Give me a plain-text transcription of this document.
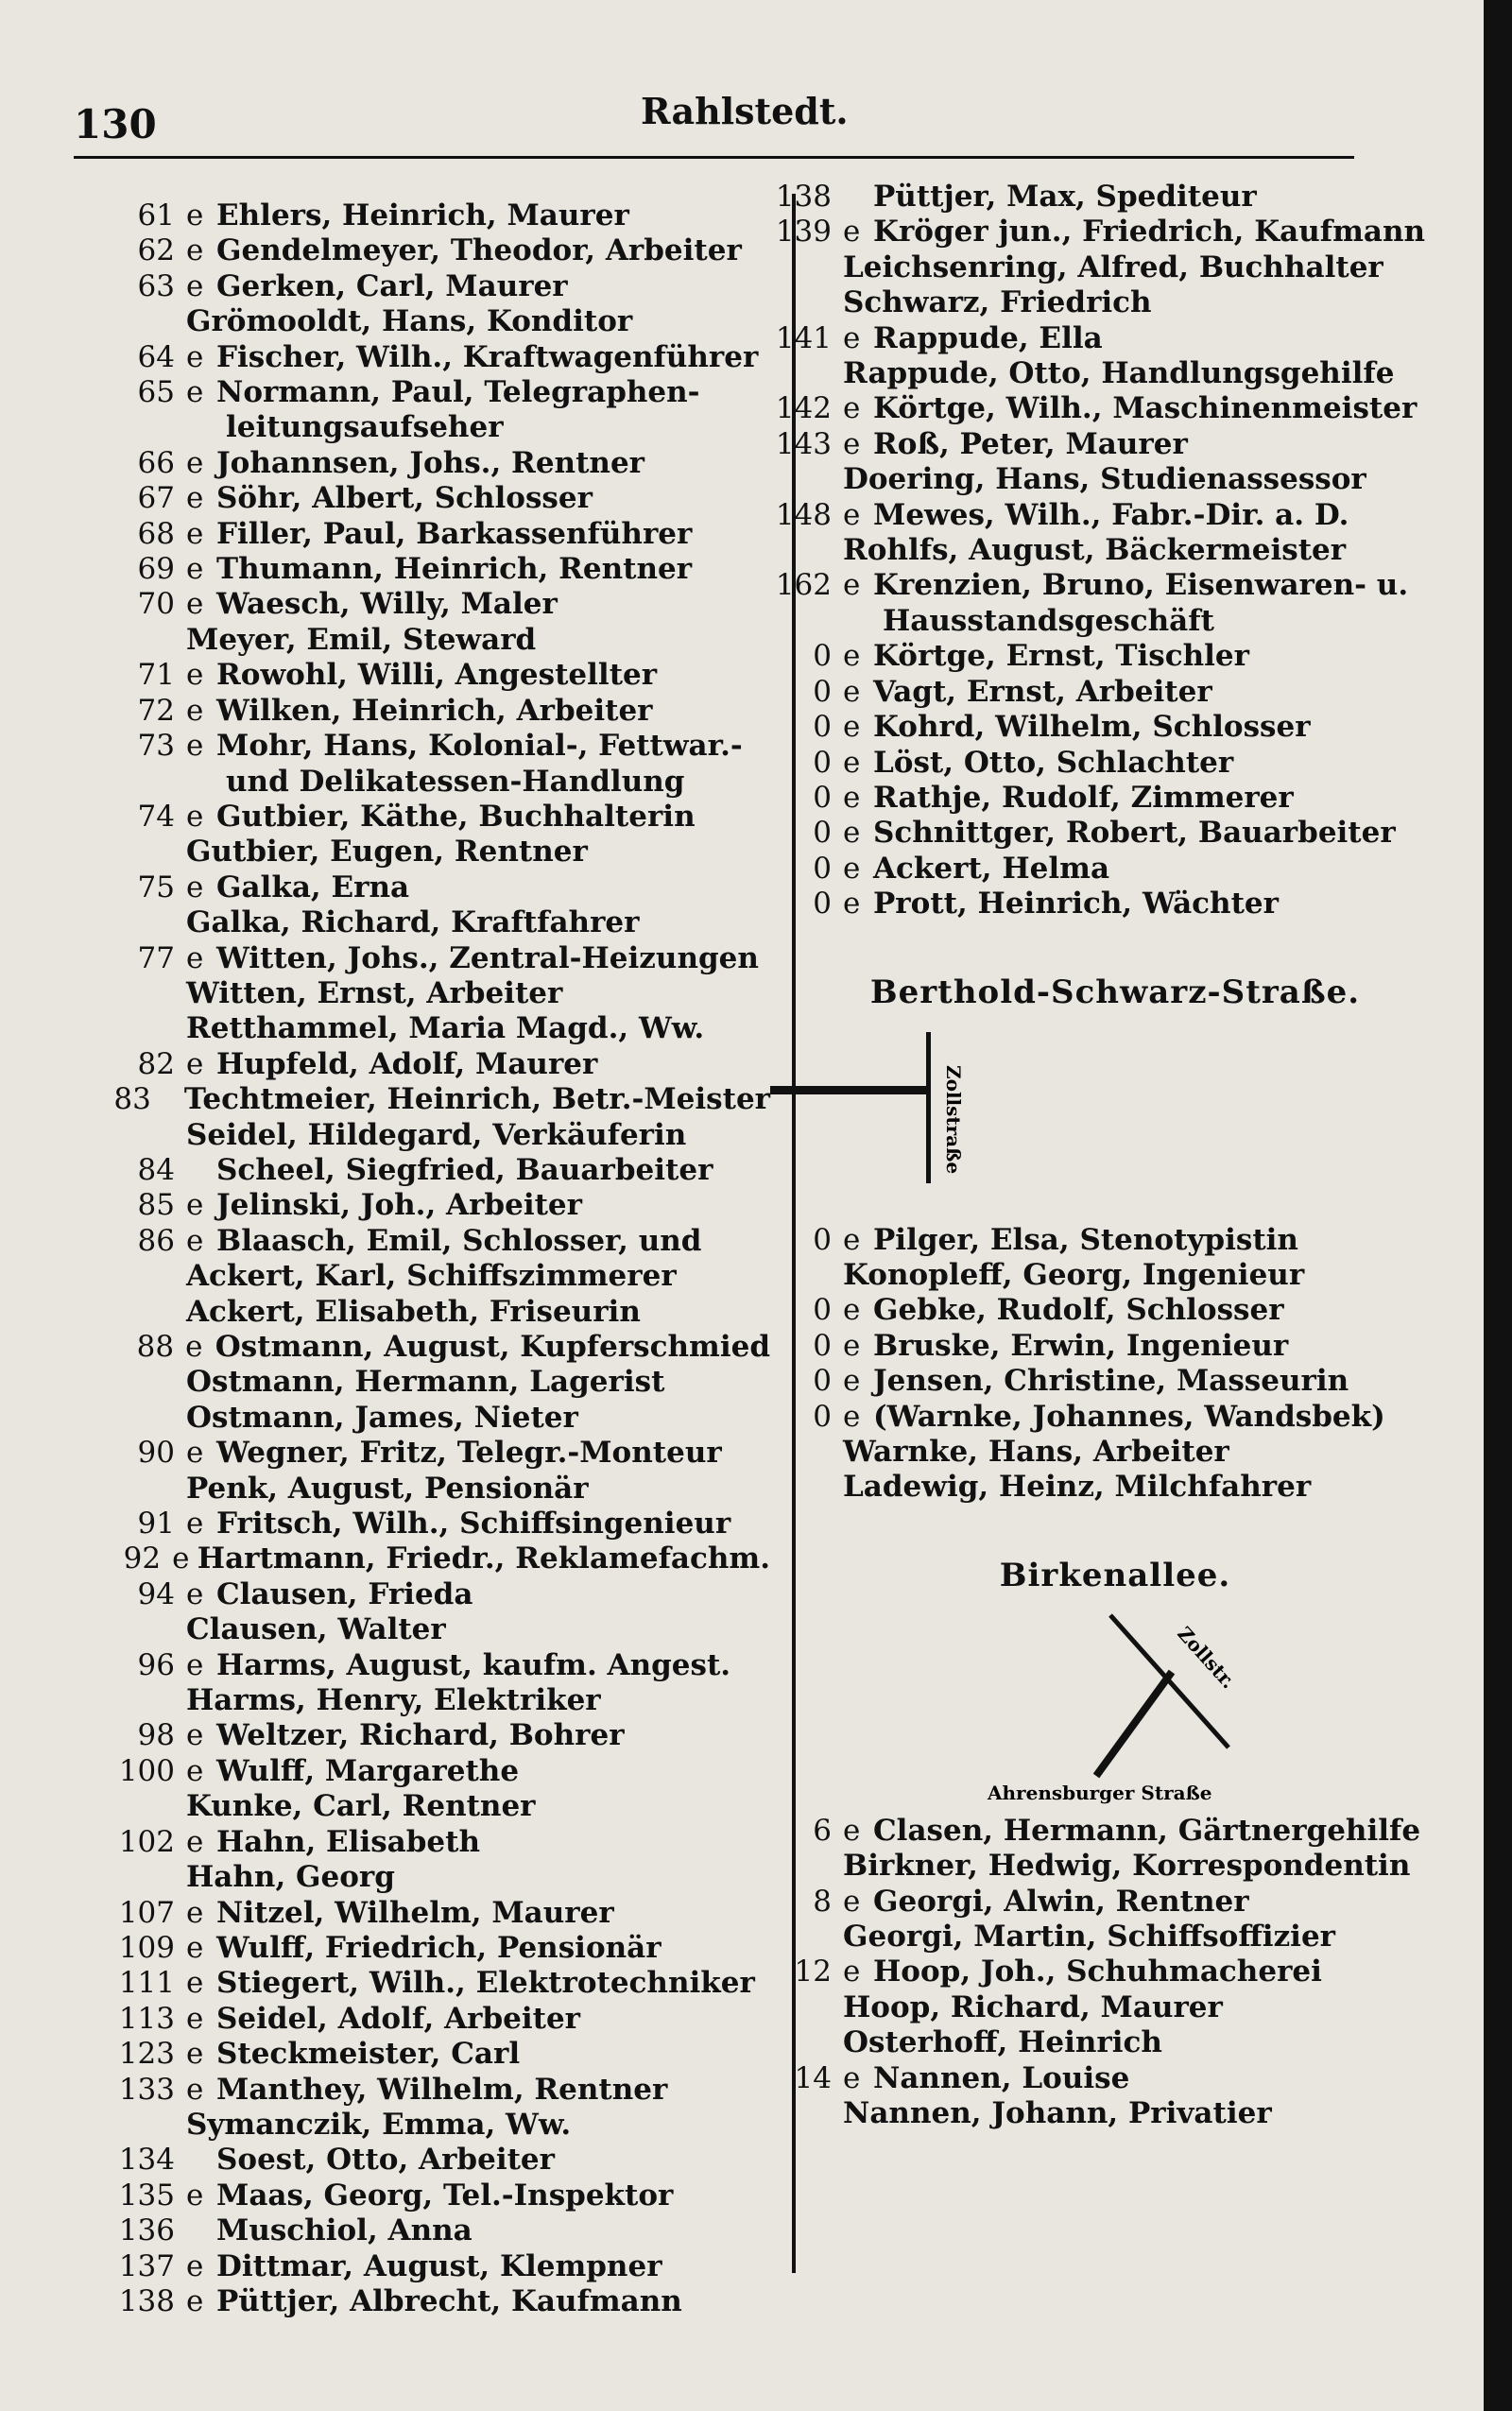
130	Rahlstedt.
61 e Ehlers, Heinrich, Maurer
62 e Gendelmeyer, Theodor, Arbeiter
63 e Gerken, Carl, Maurer
Grömooldt, Hans, Konditor
64 e Fischer, Wilh., Kraftwagenführer
65 e Normann, Paul, Telegraphen-
leitungsaufseher
66 e Johannsen, Johs., Rentner
67 e Söhr, Albert, Schlosser
68 e Filler, Paul, Barkassenführer
69 e Thumann, Heinrich, Rentner
70 e Waesch, Willy, Maler
Meyer, Emil, Steward
71 e Rowohl, Willi, Angestellter
72 e Wilken, Heinrich, Arbeiter
73 e Mohr, Hans, Kolonial-, Fettwar.-
und Delikatessen-Handlung
74 e Gutbier, Käthe, Buchhalterin
Gutbier, Eugen, Rentner
75 e Galka, Erna
Galka, Richard, Kraftfahrer
77 e Witten, Johs., Zentral-Heizungen
Witten, Ernst, Arbeiter
Retthammel, Maria Magd., Ww.
82 e Hupfeld, Adolf, Maurer
83	Techtmeier, Heinrich, Betr.-Meister
Seidel, Hildegard, Verkäuferin
84	Scheel, Siegfried, Bauarbeiter
85 e Jelinski, Joh., Arbeiter
86 e Blaasch, Emil, Schlosser, und
Ackert, Karl, Schiffszimmerer
Ackert, Elisabeth, Friseurin
88 e Ostmann, August, Kupferschmied
Ostmann, Hermann, Lagerist
Ostmann, James, Nieter
90 e Wegner, Fritz, Telegr.-Monteur
Penk, August, Pensionär
91 e Fritsch, Wilh., Schiffsingenieur
92 e Hartmann, Friedr., Reklamefachm.
94 e Clausen, Frieda
Clausen, Walter
96 e Harms, August, kaufm. Angest.
Harms, Henry, Elektriker
98 e Weltzer, Richard, Bohrer
100 e Wulff, Margarethe
Kunke, Carl, Rentner
102 e Hahn, Elisabeth
Hahn, Georg
107 e Nitzel, Wilhelm, Maurer
109 e Wulff, Friedrich, Pensionär
111 e Stiegert, Wilh., Elektrotechniker
113 e Seidel, Adolf, Arbeiter
123 e Steckmeister, Carl
133 e Manthey, Wilhelm, Rentner
Symanczik, Emma, Ww.
134	Soest, Otto, Arbeiter
135 e Maas, Georg, Tel.-Inspektor
136	Muschiol, Anna
137 e Dittmar, August, Klempner
138 e Püttjer, Albrecht, Kaufmann
138	Püttjer, Max, Spediteur
139 e Kröger jun., Friedrich, Kaufmann
Leichsenring, Alfred, Buchhalter
Schwarz, Friedrich
141 e Rappude, Ella
Rappude, Otto, Handlungsgehilfe
142 e Körtge, Wilh., Maschinenmeister
143 e Roß, Peter, Maurer
Doering, Hans, Studienassessor
148 e Mewes, Wilh., Fabr.-Dir. a. D.
Rohlfs, August, Bäckermeister
162 e Krenzien, Bruno, Eisenwaren- u.
Hausstandsgeschäft
0 e Körtge, Ernst, Tischler
0 e Vagt, Ernst, Arbeiter
0 e Kohrd, Wilhelm, Schlosser
0 e Löst, Otto, Schlachter
0 e Rathje, Rudolf, Zimmerer
0 e Schnittger, Robert, Bauarbeiter
0 e Ackert, Helma
0 e Prott, Heinrich, Wächter
Berthold-Schwarz-Straße.
Zollstraße
0 e Pilger, Elsa, Stenotypistin
Konopleff, Georg, Ingenieur
0 e Gebke, Rudolf, Schlosser
0 e Bruske, Erwin, Ingenieur
0 e Jensen, Christine, Masseurin
0 e (Warnke, Johannes, Wandsbek)
Warnke, Hans, Arbeiter
Ladewig, Heinz, Milchfahrer
Birkenallee.
Zollstr.
Ahrensburger Straße
6 e Clasen, Hermann, Gärtnergehilfe
Birkner, Hedwig, Korrespondentin
8 e Georgi, Alwin, Rentner
Georgi, Martin, Schiffsoffizier
12 e Hoop, Joh., Schuhmacherei
Hoop, Richard, Maurer
Osterhoff, Heinrich
14 e Nannen, Louise
Nannen, Johann, Privatier
